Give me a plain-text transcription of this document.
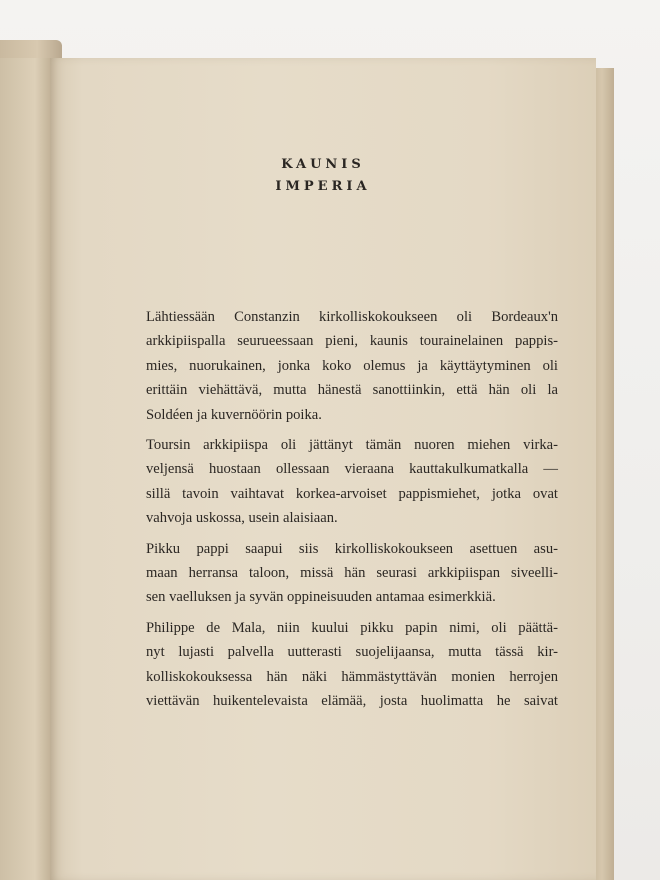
KAUNIS
IMPERIA
Lähtiessään Constanzin kirkolliskokoukseen oli Bordeaux'n
arkkipiispalla seurueessaan pieni, kaunis tourainelainen pappis-
mies, nuorukainen, jonka koko olemus ja käyttäytyminen oli
erittäin viehättävä, mutta hänestä sanottiinkin, että hän oli la
Soldéen ja kuvernöörin poika.
Toursin arkkipiispa oli jättänyt tämän nuoren miehen virka-
veljensä huostaan ollessaan vieraana kauttakulkumatkalla —
sillä tavoin vaihtavat korkea-arvoiset pappismiehet, jotka ovat
vahvoja uskossa, usein alaisiaan.
Pikku pappi saapui siis kirkolliskokoukseen asettuen asu-
maan herransa taloon, missä hän seurasi arkkipiispan siveelli-
sen vaelluksen ja syvän oppineisuuden antamaa esimerkkiä.
Philippe de Mala, niin kuului pikku papin nimi, oli päättä-
nyt lujasti palvella uutterasti suojelijaansa, mutta tässä kir-
kolliskokouksessa hän näki hämmästyttävän monien herrojen
viettävän huikentelevaista elämää, josta huolimatta he saivat
